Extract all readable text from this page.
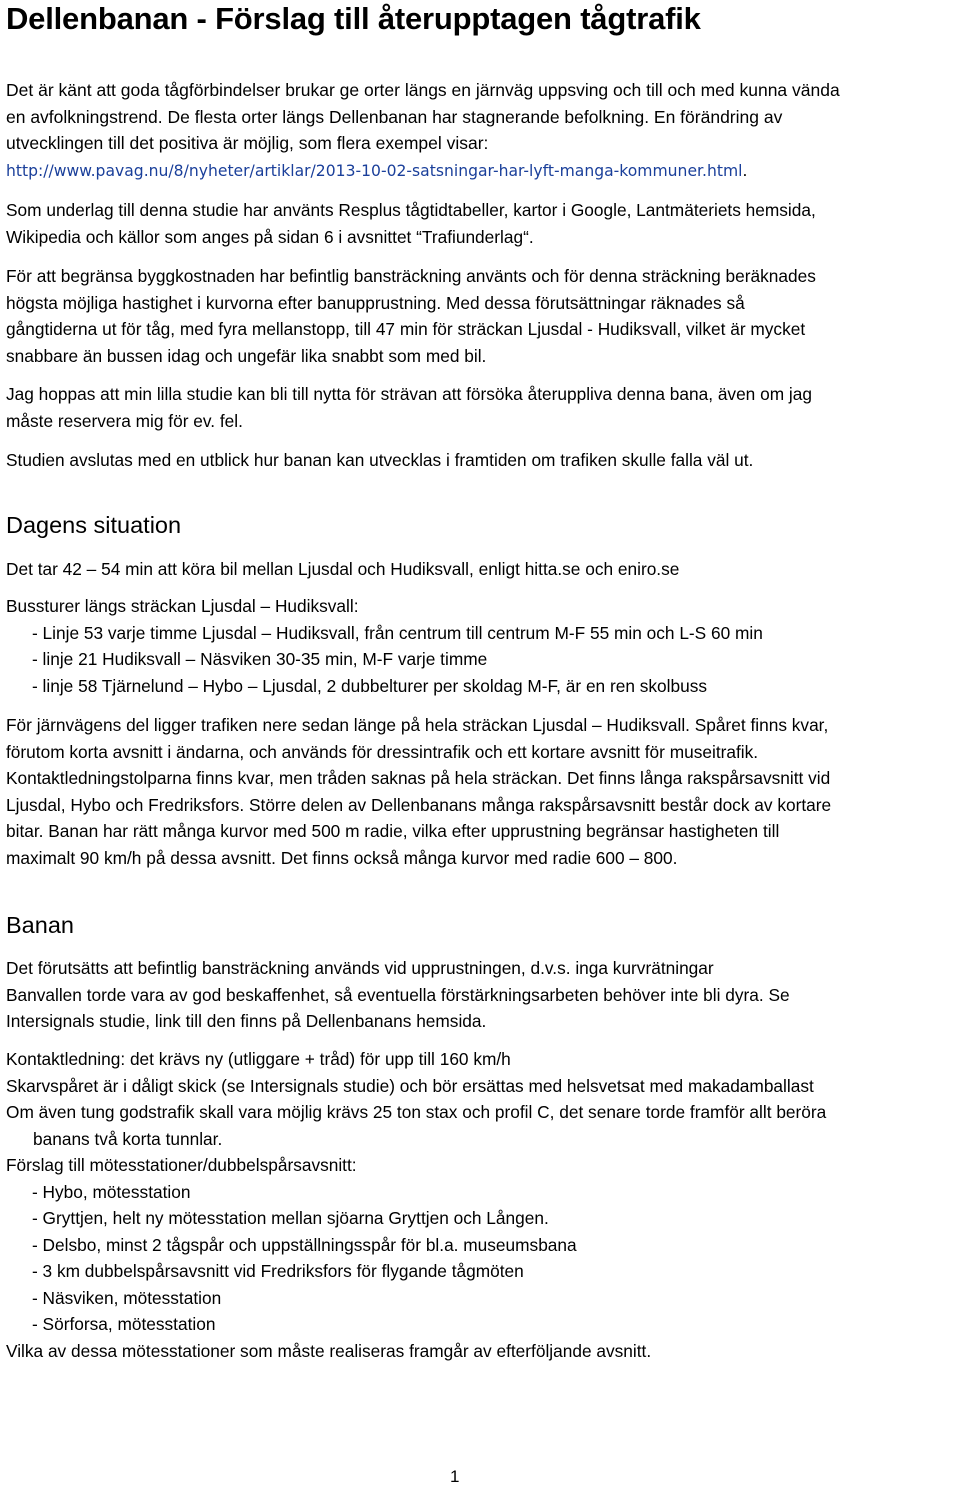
Dellenbanan - Förslag till återupptagen tågtrafik
Det är känt att goda tågförbindelser brukar ge orter längs en järnväg uppsving och till och med kunna vända
en avfolkningstrend. De flesta orter längs Dellenbanan har stagnerande befolkning. En förändring av
utvecklingen till det positiva är möjlig, som flera exempel visar:
http://www.pavag.nu/8/nyheter/artiklar/2013-10-02-satsningar-har-lyft-manga-kommuner.html.
Som underlag till denna studie har använts Resplus tågtidtabeller, kartor i Google, Lantmäteriets hemsida,
Wikipedia och källor som anges på sidan 6 i avsnittet “Trafiunderlag“.
För att begränsa byggkostnaden har befintlig bansträckning använts och för denna sträckning beräknades
högsta möjliga hastighet i kurvorna efter banupprustning. Med dessa förutsättningar räknades så
gångtiderna ut för tåg, med fyra mellanstopp, till 47 min för sträckan Ljusdal - Hudiksvall, vilket är mycket
snabbare än bussen idag och ungefär lika snabbt som med bil.
Jag hoppas att min lilla studie kan bli till nytta för strävan att försöka återuppliva denna bana, även om jag
måste reservera mig för ev. fel.
Studien avslutas med en utblick hur banan kan utvecklas i framtiden om trafiken skulle falla väl ut.
Dagens situation
Det tar 42 – 54 min att köra bil mellan Ljusdal och Hudiksvall, enligt hitta.se och eniro.se
Bussturer längs sträckan Ljusdal – Hudiksvall:
- Linje 53 varje timme Ljusdal – Hudiksvall, från centrum till centrum M-F 55 min och L-S 60 min
- linje 21 Hudiksvall – Näsviken 30-35 min, M-F varje timme
- linje 58 Tjärnelund – Hybo – Ljusdal, 2 dubbelturer per skoldag M-F, är en ren skolbuss
För järnvägens del ligger trafiken nere sedan länge på hela sträckan Ljusdal – Hudiksvall. Spåret finns kvar,
förutom korta avsnitt i ändarna, och används för dressintrafik och ett kortare avsnitt för museitrafik.
Kontaktledningstolparna finns kvar, men tråden saknas på hela sträckan. Det finns långa rakspårsavsnitt vid
Ljusdal, Hybo och Fredriksfors. Större delen av Dellenbanans många rakspårsavsnitt består dock av kortare
bitar. Banan har rätt många kurvor med 500 m radie, vilka efter upprustning begränsar hastigheten till
maximalt 90 km/h på dessa avsnitt. Det finns också många kurvor med radie 600 – 800.
Banan
Det förutsätts att befintlig bansträckning används vid upprustningen, d.v.s. inga kurvrätningar
Banvallen torde vara av god beskaffenhet, så eventuella förstärkningsarbeten behöver inte bli dyra. Se
Intersignals studie, link till den finns på Dellenbanans hemsida.
Kontaktledning: det krävs ny (utliggare + tråd) för upp till 160 km/h
Skarvspåret är i dåligt skick (se Intersignals studie) och bör ersättas med helsvetsat med makadamballast
Om även tung godstrafik skall vara möjlig krävs 25 ton stax och profil C, det senare torde framför allt beröra
banans två korta tunnlar.
Förslag till mötesstationer/dubbelspårsavsnitt:
- Hybo, mötesstation
- Gryttjen, helt ny mötesstation mellan sjöarna Gryttjen och Lången.
- Delsbo, minst 2 tågspår och uppställningsspår för bl.a. museumsbana
- 3 km dubbelspårsavsnitt vid Fredriksfors för flygande tågmöten
- Näsviken, mötesstation
- Sörforsa, mötesstation
Vilka av dessa mötesstationer som måste realiseras framgår av efterföljande avsnitt.
1
